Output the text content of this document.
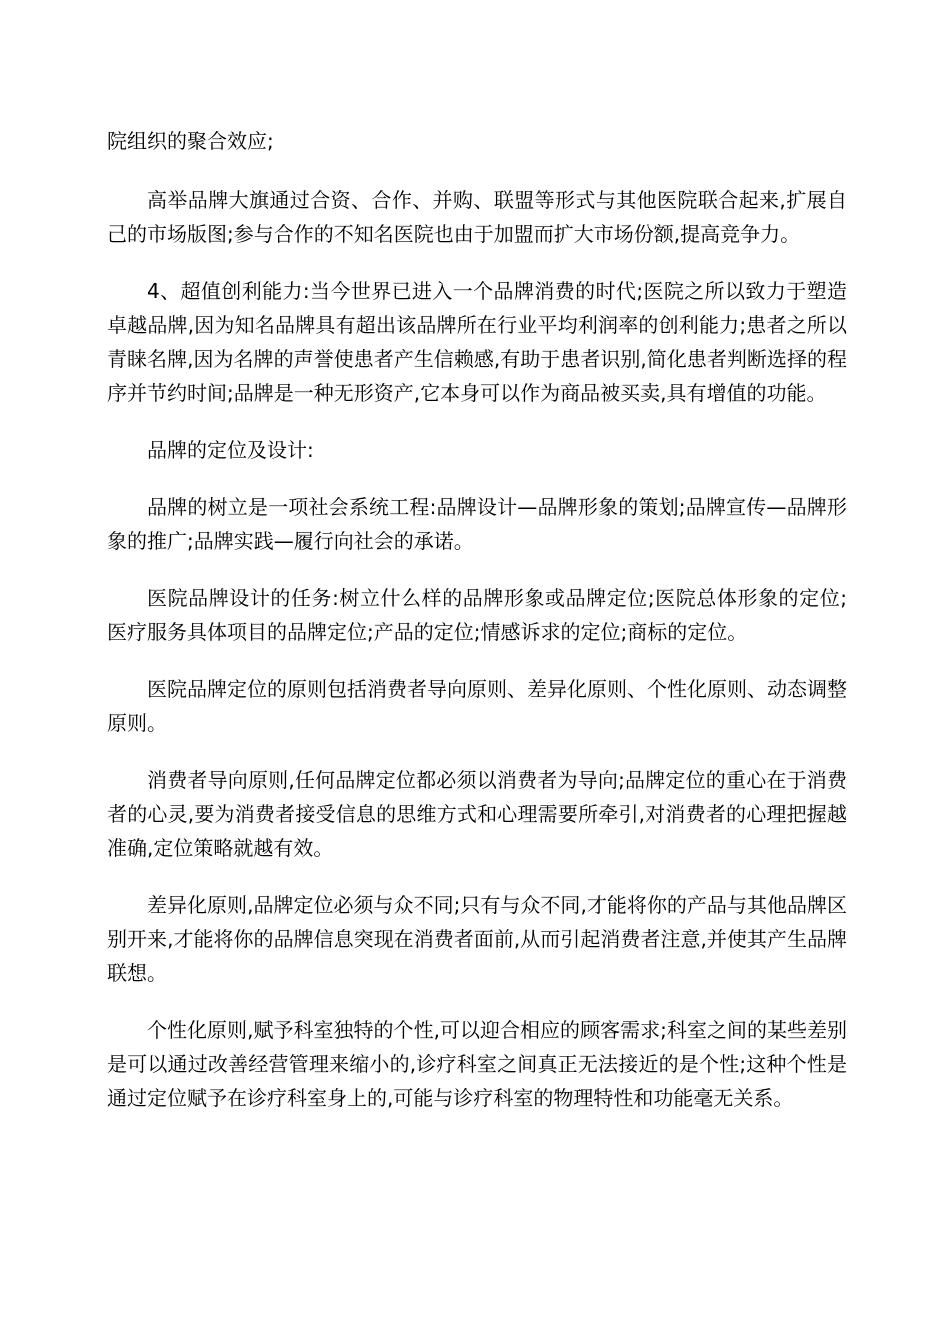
院组织的聚合效应;

高举品牌大旗通过合资、合作、并购、联盟等形式与其他医院联合起来,扩展自己的市场版图;参与合作的不知名医院也由于加盟而扩大市场份额,提高竞争力。

4、超值创利能力:当今世界已进入一个品牌消费的时代;医院之所以致力于塑造卓越品牌,因为知名品牌具有超出该品牌所在行业平均利润率的创利能力;患者之所以青睐名牌,因为名牌的声誉使患者产生信赖感,有助于患者识别,简化患者判断选择的程序并节约时间;品牌是一种无形资产,它本身可以作为商品被买卖,具有增值的功能。

品牌的定位及设计:

品牌的树立是一项社会系统工程:品牌设计—品牌形象的策划;品牌宣传—品牌形象的推广;品牌实践—履行向社会的承诺。

医院品牌设计的任务:树立什么样的品牌形象或品牌定位;医院总体形象的定位;医疗服务具体项目的品牌定位;产品的定位;情感诉求的定位;商标的定位。

医院品牌定位的原则包括消费者导向原则、差异化原则、个性化原则、动态调整原则。

消费者导向原则,任何品牌定位都必须以消费者为导向;品牌定位的重心在于消费者的心灵,要为消费者接受信息的思维方式和心理需要所牵引,对消费者的心理把握越准确,定位策略就越有效。

差异化原则,品牌定位必须与众不同;只有与众不同,才能将你的产品与其他品牌区别开来,才能将你的品牌信息突现在消费者面前,从而引起消费者注意,并使其产生品牌联想。

个性化原则,赋予科室独特的个性,可以迎合相应的顾客需求;科室之间的某些差别是可以通过改善经营管理来缩小的,诊疗科室之间真正无法接近的是个性;这种个性是通过定位赋予在诊疗科室身上的,可能与诊疗科室的物理特性和功能毫无关系。
